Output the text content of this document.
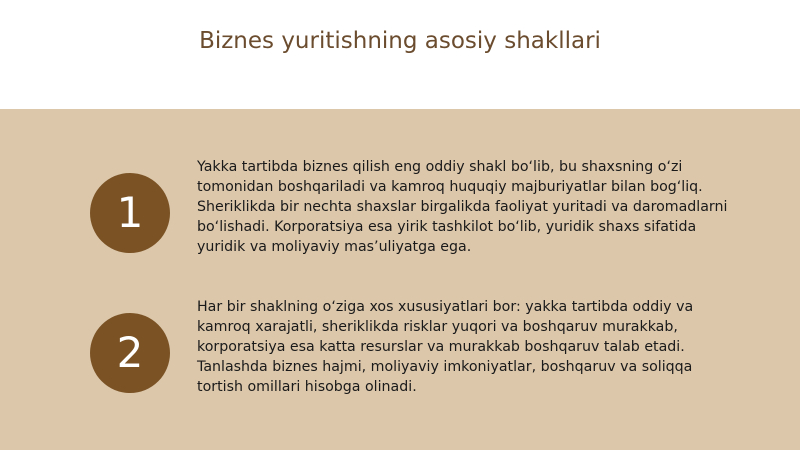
Biznes yuritishning asosiy shakllari
1
Yakka tartibda biznes qilish eng oddiy shakl bo‘lib, bu shaxsning o‘zi tomonidan boshqariladi va kamroq huquqiy majburiyatlar bilan bog‘liq. Sheriklikda bir nechta shaxslar birgalikda faoliyat yuritadi va daromadlarni bo‘lishadi. Korporatsiya esa yirik tashkilot bo‘lib, yuridik shaxs sifatida yuridik va moliyaviy mas’uliyatga ega.
2
Har bir shaklning o‘ziga xos xususiyatlari bor: yakka tartibda oddiy va kamroq xarajatli, sheriklikda risklar yuqori va boshqaruv murakkab, korporatsiya esa katta resurslar va murakkab boshqaruv talab etadi. Tanlashda biznes hajmi, moliyaviy imkoniyatlar, boshqaruv va soliqqa tortish omillari hisobga olinadi.
